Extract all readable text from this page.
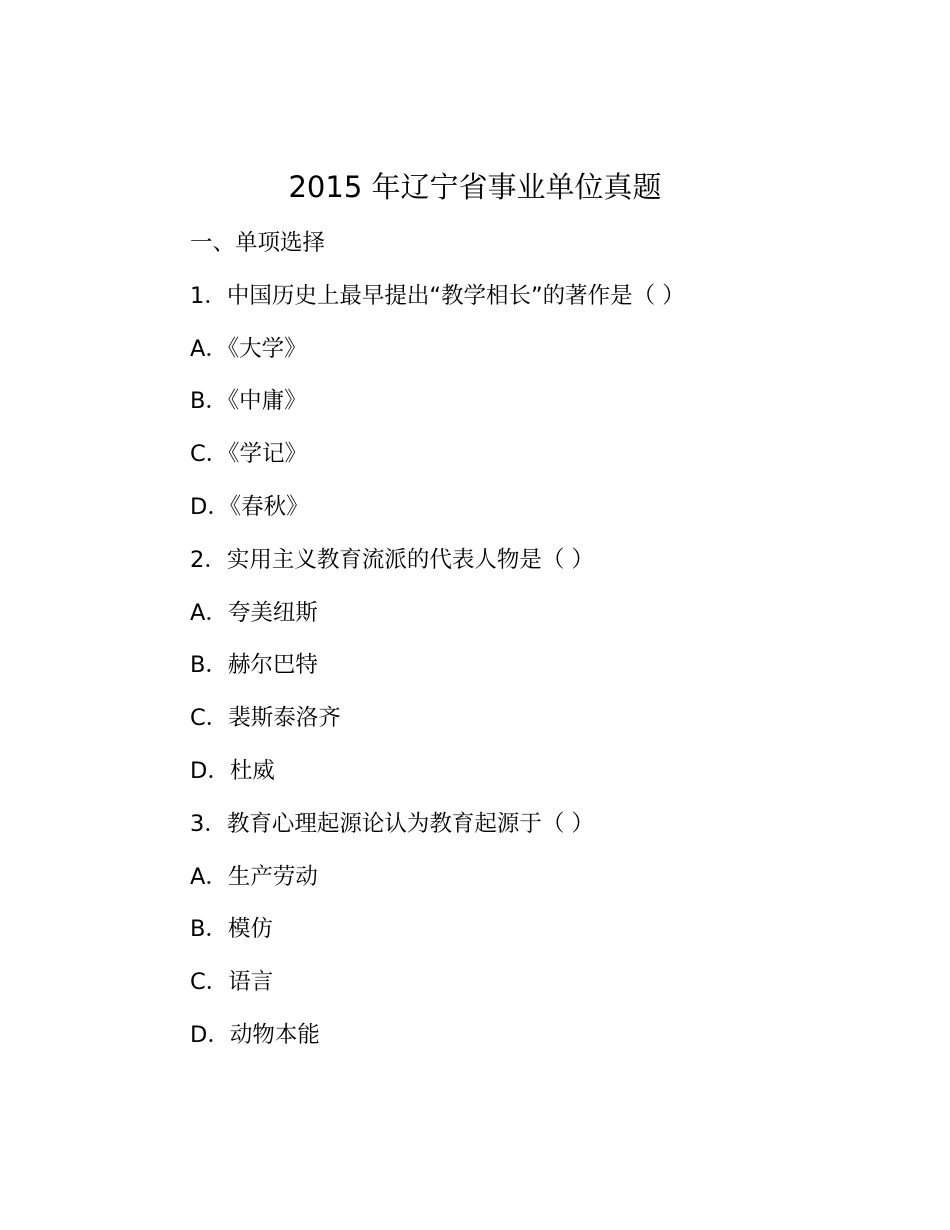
2015 年辽宁省事业单位真题
一、单项选择
1．中国历史上最早提出“教学相长”的著作是（ ）
A．《大学》
B．《中庸》
C．《学记》
D．《春秋》
2．实用主义教育流派的代表人物是（ ）
A．夸美纽斯
B．赫尔巴特
C．裴斯泰洛齐
D．杜威
3．教育心理起源论认为教育起源于（ ）
A．生产劳动
B．模仿
C．语言
D．动物本能
